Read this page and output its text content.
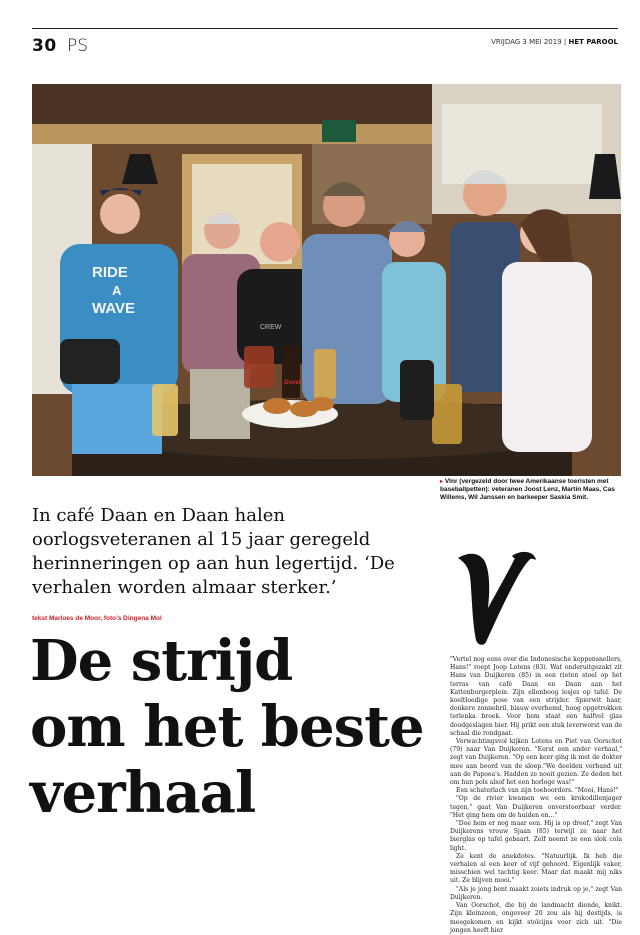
30 PS	VRIJDAG 3 MEI 2019 | HET PAROOL
RIDE
A
WAVE
CREW
Duvel
▸ Vlnr (vergezeld door twee Amerikaanse toeristen met baseballpetten): veteranen Joost Lenz, Martin Maas, Cas Willems, Wil Janssen en barkeeper Saskia Smit.
In café Daan en Daan halen oorlogsveteranen al 15 jaar geregeld herinneringen op aan hun legertijd. ‘De verhalen worden almaar sterker.’
tekst Marloes de Moor, foto’s Dingena Mol
De strijd
om het beste
verhaal

"Vertel nog eens over die Indonesische koppensnellers, Hans!" roept Joop Lotens (83). Wat onderuitgezakt zit Hans van Duijkeren (85) in een rieten stoel op het terras van café Daan en Daan aan het Kattenburgerplein. Zijn ellenboog losjes op tafel. De koeltloedige pose van een strijder. Spierwit haar, donkere zonnebril, blauw overhemd, hoog opgetrokken terlenka broek. Voor hem staat een halfvol glas doodgeslagen bier. Hij prikt een stuk leverworst van de schaal die rondgaat.

Verwachtingsvol kijken Lotens en Piet van Oorschot (79) naar Van Duijkeren. "Eerst een ander verhaal," zegt van Duijkeren. "Op een keer ging ik met de dokter mee aan boord van de sloep."We deelden verband uit aan de Papoea's. Hadden ze nooit gezien. Ze deden het om hun pols alsof het een horloge was!"

Een schaterlach van zijn toehoorders. "Mooi, Hans!"

"Op de rivier kwamen we een krokodillenjager tegen," gaat Van Duijkeren onverstoorbaar verder. "Het ging hem om de huiden en…"

"Doe hem er nog maar een. Hij is op dreef," zegt Van Duijkerens vrouw Sjaan (85) terwijl ze naar het bierglas op tafel gebaart. Zelf neemt ze een slok cola light.

Ze kent de anekdotes. "Natuurlijk. Ik heb die verhalen al een keer of vijf gehoord. Eigenlijk vaker, misschien wel tachtig keer. Maar dat maakt mij niks uit. Ze blijven mooi."

"Als je jong bent maakt zoiets indruk op je," zegt Van Duijkeren.

Van Oorschot, die bij de landmacht diende, knikt. Zijn kleinzoon, ongeveer 20 zou als hij destijds, is meegekomen en kijkt stoïcijns voor zich uit. "Die jongen heeft hier
